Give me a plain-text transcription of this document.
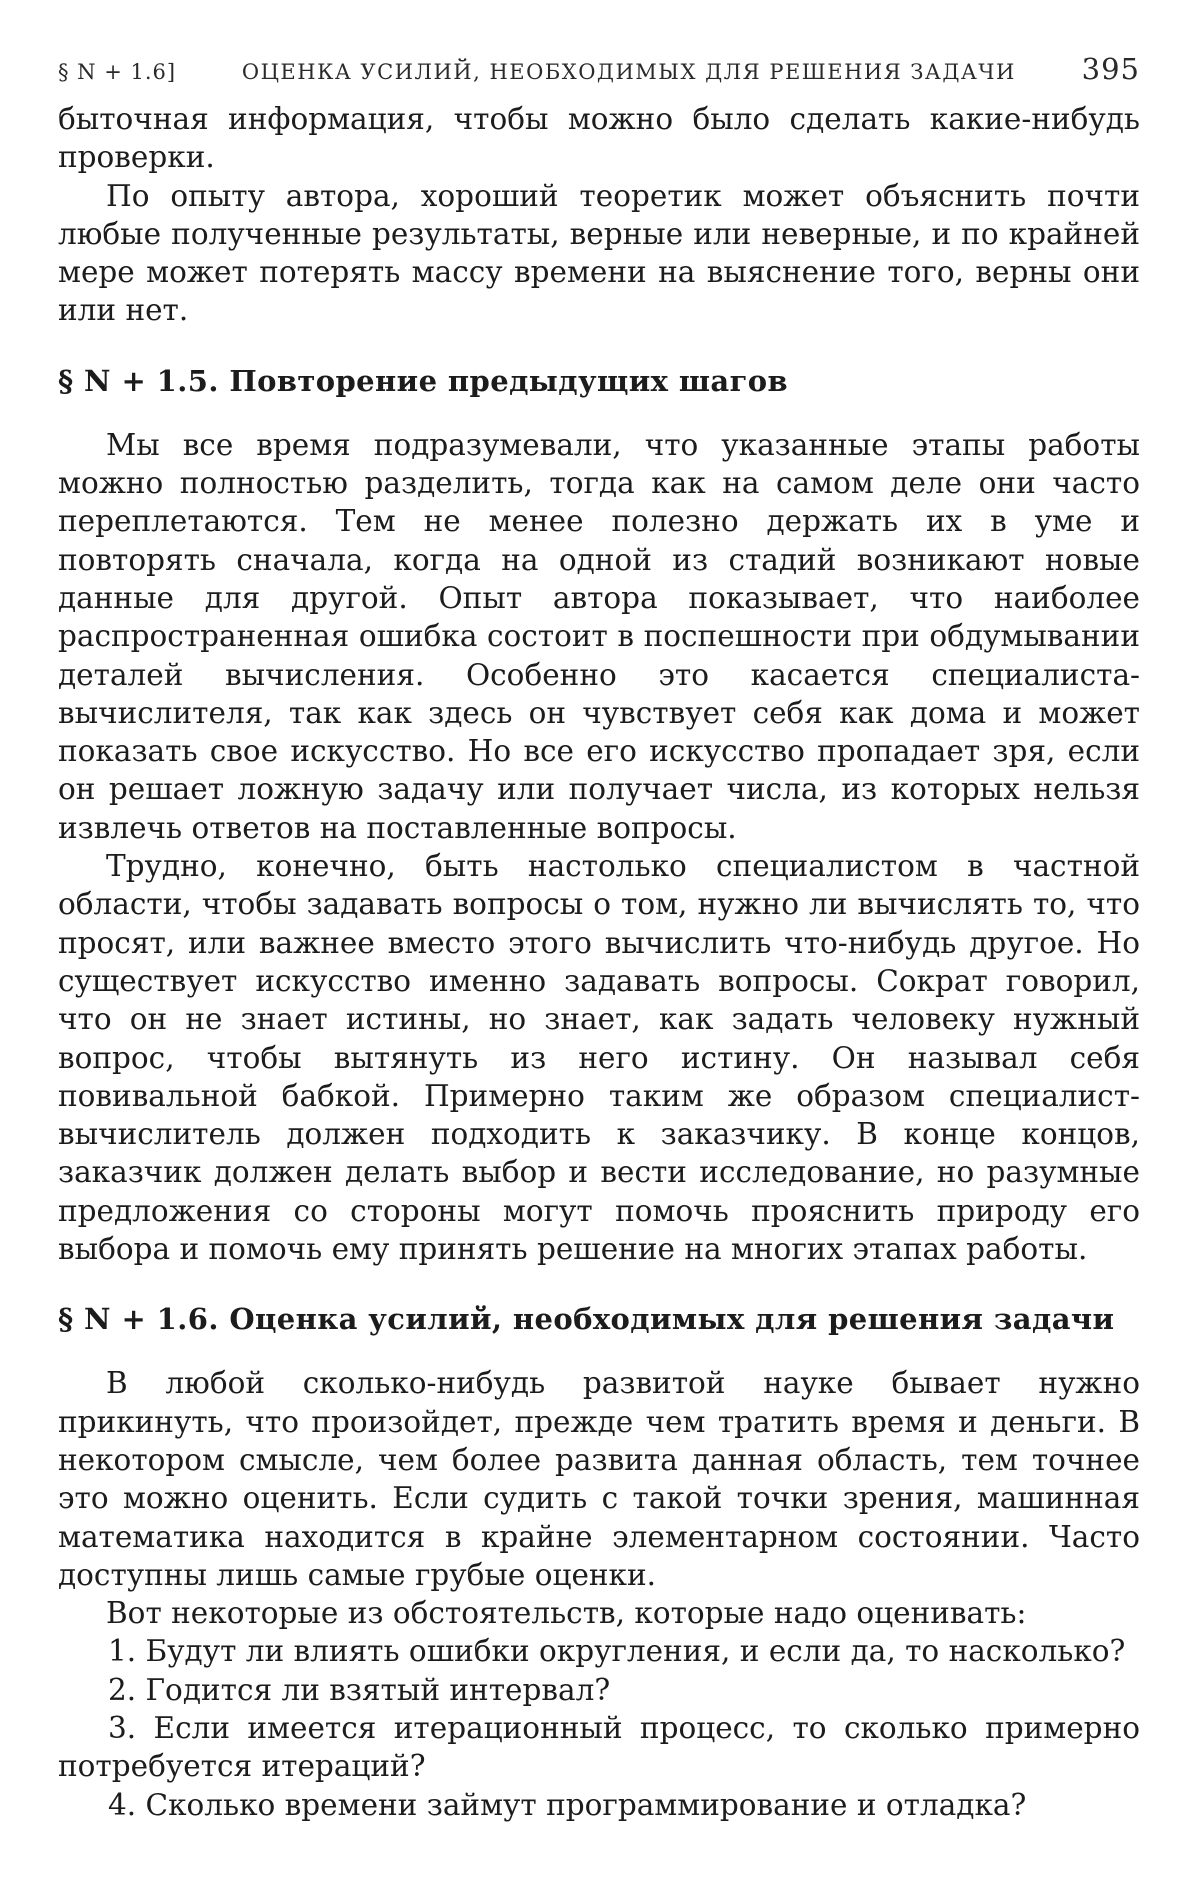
§ N + 1.6]	ОЦЕНКА УСИЛИЙ, НЕОБХОДИМЫХ ДЛЯ РЕШЕНИЯ ЗАДАЧИ	395

быточная информация, чтобы можно было сделать какие-нибудь проверки.

По опыту автора, хороший теоретик может объяснить почти любые полученные результаты, верные или неверные, и по крайней мере может потерять массу времени на выяснение того, верны они или нет.

§ N + 1.5. Повторение предыдущих шагов

Мы все время подразумевали, что указанные этапы работы можно полностью разделить, тогда как на самом деле они часто переплетаются. Тем не менее полезно держать их в уме и повторять сначала, когда на одной из стадий возникают новые данные для другой. Опыт автора показывает, что наиболее распространенная ошибка состоит в поспешности при обдумывании деталей вычисления. Особенно это касается специалиста-вычислителя, так как здесь он чувствует себя как дома и может показать свое искусство. Но все его искусство пропадает зря, если он решает ложную задачу или получает числа, из которых нельзя извлечь ответов на поставленные вопросы.

Трудно, конечно, быть настолько специалистом в частной области, чтобы задавать вопросы о том, нужно ли вычислять то, что просят, или важнее вместо этого вычислить что-нибудь другое. Но существует искусство именно задавать вопросы. Сократ говорил, что он не знает истины, но знает, как задать человеку нужный вопрос, чтобы вытянуть из него истину. Он называл себя повивальной бабкой. Примерно таким же образом специалист-вычислитель должен подходить к заказчику. В конце концов, заказчик должен делать выбор и вести исследование, но разумные предложения со стороны могут помочь прояснить природу его выбора и помочь ему принять решение на многих этапах работы.

§ N + 1.6. Оценка усилий, необходимых для решения задачи

В любой сколько-нибудь развитой науке бывает нужно прикинуть, что произойдет, прежде чем тратить время и деньги. В некотором смысле, чем более развита данная область, тем точнее это можно оценить. Если судить с такой точки зрения, машинная математика находится в крайне элементарном состоянии. Часто доступны лишь самые грубые оценки.

Вот некоторые из обстоятельств, которые надо оценивать:

1. Будут ли влиять ошибки округления, и если да, то насколько?

2. Годится ли взятый интервал?

3. Если имеется итерационный процесс, то сколько примерно потребуется итераций?

4. Сколько времени займут программирование и отладка?
